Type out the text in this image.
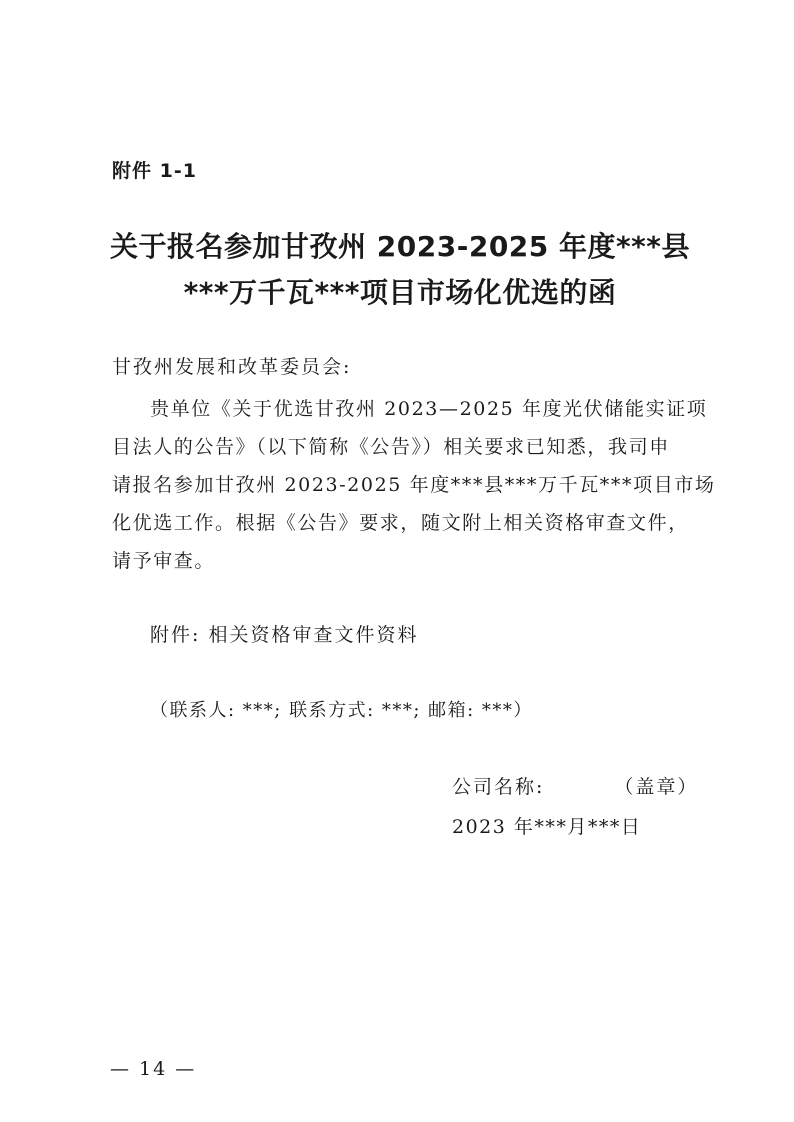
附件 1-1
关于报名参加甘孜州 2023-2025 年度***县
***万千瓦***项目市场化优选的函
甘孜州发展和改革委员会:
贵单位《关于优选甘孜州 2023—2025 年度光伏储能实证项
目法人的公告》（以下简称《公告》）相关要求已知悉，我司申
请报名参加甘孜州 2023-2025 年度***县***万千瓦***项目市场
化优选工作。根据《公告》要求，随文附上相关资格审查文件，
请予审查。
附件: 相关资格审查文件资料
（联系人: ***; 联系方式: ***; 邮箱: ***）
公司名称:	（盖章）
2023 年***月***日
— 14 —
